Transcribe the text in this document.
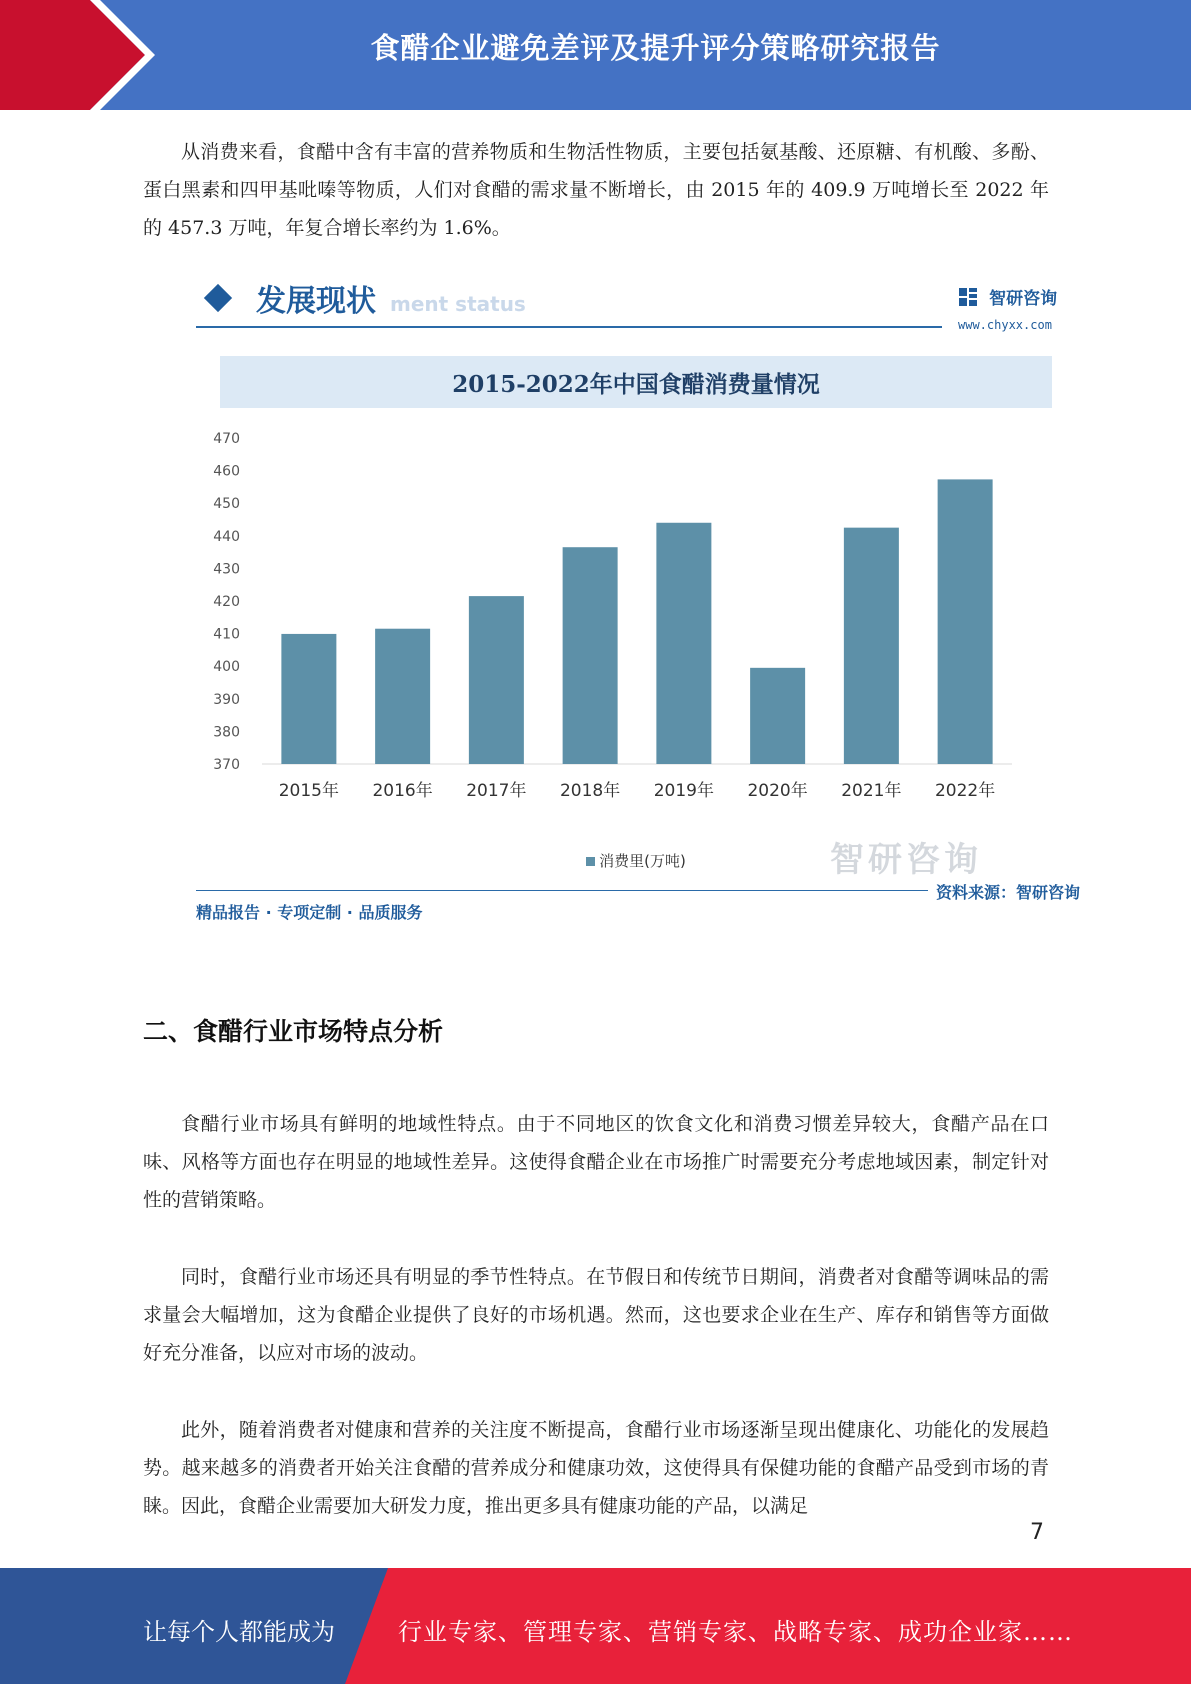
食醋企业避免差评及提升评分策略研究报告

从消费来看，食醋中含有丰富的营养物质和生物活性物质，主要包括氨基酸、还原糖、有机酸、多酚、蛋白黑素和四甲基吡嗪等物质，人们对食醋的需求量不断增长，由 2015 年的 409.9 万吨增长至 2022 年的 457.3 万吨，年复合增长率约为 1.6%。

ment status
发展现状	智研咨询
www.chyxx.com
2015-2022年中国食醋消费量情况
370
380
390
400
410
420
430
440
450
460
470
2015年 2016年 2017年 2018年 2019年 2020年 2021年 2022年
消费里(万吨)	智研咨询
精品报告 · 专项定制 · 品质服务
资料来源：智研咨询
二、食醋行业市场特点分析

食醋行业市场具有鲜明的地域性特点。由于不同地区的饮食文化和消费习惯差异较大，食醋产品在口味、风格等方面也存在明显的地域性差异。这使得食醋企业在市场推广时需要充分考虑地域因素，制定针对性的营销策略。

同时，食醋行业市场还具有明显的季节性特点。在节假日和传统节日期间，消费者对食醋等调味品的需求量会大幅增加，这为食醋企业提供了良好的市场机遇。然而，这也要求企业在生产、库存和销售等方面做好充分准备，以应对市场的波动。

此外，随着消费者对健康和营养的关注度不断提高，食醋行业市场逐渐呈现出健康化、功能化的发展趋势。越来越多的消费者开始关注食醋的营养成分和健康功效，这使得具有保健功能的食醋产品受到市场的青睐。因此，食醋企业需要加大研发力度，推出更多具有健康功能的产品，以满足

7
让每个人都能成为	行业专家、管理专家、营销专家、战略专家、成功企业家……
